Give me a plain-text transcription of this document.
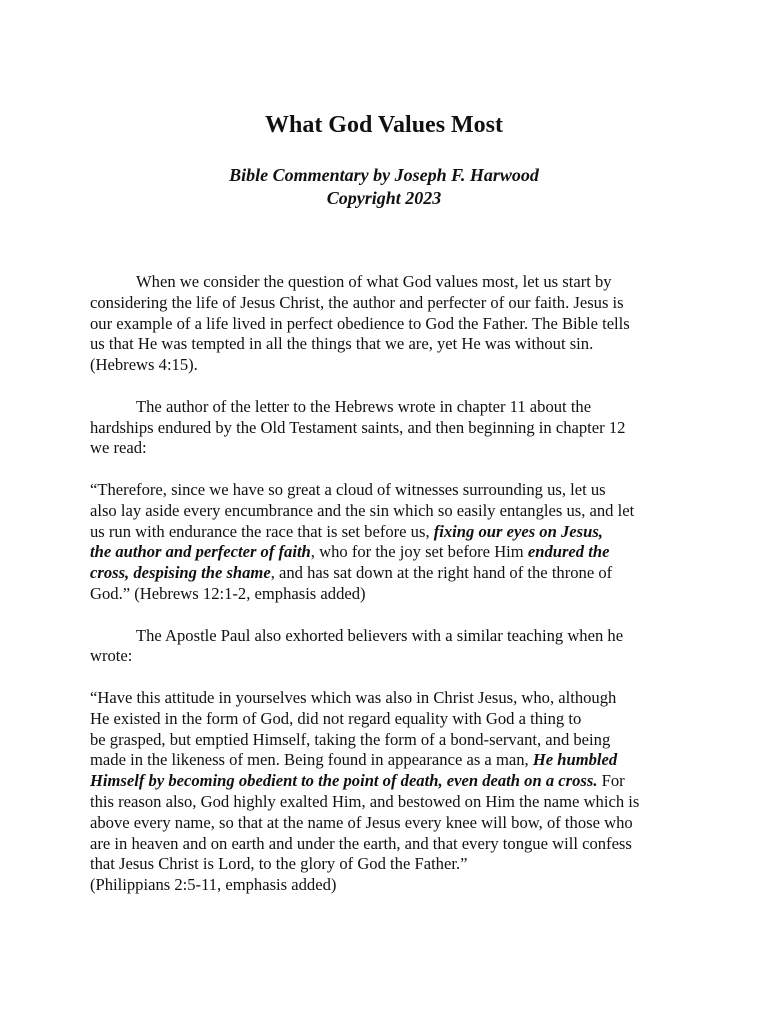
What God Values Most
Bible Commentary by Joseph F. Harwood
Copyright 2023
When we consider the question of what God values most, let us start by
considering the life of Jesus Christ, the author and perfecter of our faith. Jesus is
our example of a life lived in perfect obedience to God the Father. The Bible tells
us that He was tempted in all the things that we are, yet He was without sin.
(Hebrews 4:15).
The author of the letter to the Hebrews wrote in chapter 11 about the
hardships endured by the Old Testament saints, and then beginning in chapter 12
we read:
“Therefore, since we have so great a cloud of witnesses surrounding us, let us
also lay aside every encumbrance and the sin which so easily entangles us, and let
us run with endurance the race that is set before us, fixing our eyes on Jesus,
the author and perfecter of faith, who for the joy set before Him endured the
cross, despising the shame, and has sat down at the right hand of the throne of
God.” (Hebrews 12:1-2, emphasis added)
The Apostle Paul also exhorted believers with a similar teaching when he
wrote:
“Have this attitude in yourselves which was also in Christ Jesus, who, although
He existed in the form of God, did not regard equality with God a thing to
be grasped, but emptied Himself, taking the form of a bond-servant, and being
made in the likeness of men. Being found in appearance as a man, He humbled
Himself by becoming obedient to the point of death, even death on a cross. For
this reason also, God highly exalted Him, and bestowed on Him the name which is
above every name, so that at the name of Jesus every knee will bow, of those who
are in heaven and on earth and under the earth, and that every tongue will confess
that Jesus Christ is Lord, to the glory of God the Father.”
(Philippians 2:5-11, emphasis added)
